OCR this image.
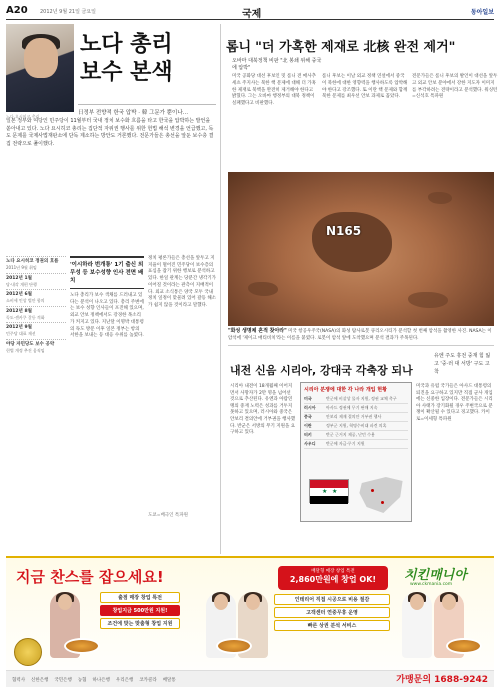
A20 2012년 9월 21일 금요일	국제	동아일보
노다 요시히코 총리
노다 총리
보수 본색
日정부 전향적 한국 압박 · 韓 그문가 뿐이나…
일본 정부와 여당인 민주당이 11월부터 국내 정치 보수화 흐름을 타고 한국을 압박하는 발언을 쏟아내고 있다. 노다 요시히코 총리는 집단적 자위권 행사를 위한 헌법 해석 변경을 언급했고, 독도 문제를 국제사법재판소에 단독 제소하는 방안도 거론했다. 전문가들은 총선을 앞둔 보수층 결집 전략으로 풀이했다.
노다 요시히코 정권의 흐름
2011년 9월 취임
2012년 1월
당·내각 개편 단행
2012년 6월
소비세 인상 법안 합의
2012년 8월
독도·센카쿠 갈등 격화
2012년 9월
민주당 대표 재선
야당 자민당도 보수 공약
헌법 개정 추진 움직임
'이시하라 번개통' 1기 출신 외무성 등 보수성향 인사 전면 배치
노다 총리가 보수 색채를 드러내고 있다는 분석이 나오고 있다. 총리 주변에는 보수 성향 인사들이 포진해 있으며, 외교 안보 정책에서도 강경한 목소리가 커지고 있다. 지난달 이명박 대통령의 독도 방문 이후 일본 정부는 항의 서한을 보내는 등 대응 수위를 높였다.
정치 평론가들은 총선을 앞두고 지지율이 떨어진 민주당이 보수층의 표심을 잡기 위한 행보로 분석하고 있다. 한일 관계는 당분간 냉각기가 이어질 것이라는 관측이 지배적이다. 외교 소식통은 양국 모두 국내 정치 일정이 맞물려 있어 갈등 해소가 쉽지 않을 것이라고 말했다.
도쿄=배극인 특파원
롬니 "더 가혹한 제재로 北核 완전 제거"
오바마 대북정책 비판 "北 봉쇄 위해 중국에 압박"
미국 공화당 대선 후보인 밋 롬니 전 매사추세츠 주지사는 북한 핵 문제에 대해 더 가혹한 제재로 북핵을 완전히 제거해야 한다고 밝혔다. 그는 오바마 행정부의 대북 정책이 실패했다고 비판했다.
롬니 후보는 이날 외교 정책 연설에서 중국이 북한에 대한 영향력을 행사하도록 압박해야 한다고 강조했다. 또 이란 핵 문제와 함께 북한 문제를 최우선 안보 과제로 꼽았다.
전문가들은 롬니 후보의 발언이 대선을 앞두고 외교 안보 분야에서 강한 지도자 이미지를 부각하려는 전략이라고 분석했다. 워싱턴=신석호 특파원
N165
"화성 생명체 흔적 찾아라" 미국 항공우주국(NASA)의 화성 탐사로봇 큐리오시티가 분석할 첫 번째 암석을 촬영한 사진. NASA는 이 암석에 '제이크 매티비치'라는 이름을 붙였다. 로봇이 암석 앞에 도착했으며 분석 결과가 주목된다.
내전 신음 시리아, 강대국 각축장 되나
유엔 주도 휴전 중재 힘 잃고 '중·러 대 서방' 구도 고착
시리아 내전이 18개월째 이어지면서 사망자가 2만 명을 넘어선 것으로 추산된다. 유엔과 아랍연맹의 중재 노력은 성과를 거두지 못하고 있으며, 러시아와 중국은 안보리 결의안에 거부권을 행사했다. 반군은 서방의 무기 지원을 요구하고 있다.
시리아 분쟁에 대한 각 나라 개입 현황
미국	반군에 비살상 물자 지원, 정권 교체 촉구
러시아	아사드 정권에 무기 판매 지속
중국	안보리 제재 결의안 거부권 행사
이란	정부군 지원, 혁명수비대 파견 의혹
터키	반군 근거지 제공, 난민 수용
사우디	반군에 자금·무기 지원
★ ★
미국과 유럽 국가들은 아사드 대통령의 퇴진을 요구하고 있지만 직접 군사 개입에는 신중한 입장이다. 전문가들은 시리아 사태가 장기화될 경우 주변국으로 분쟁이 확산될 수 있다고 경고했다. 카이로=이세형 특파원
지금 찬스를 잡으세요!	배달형 매장 창업 특전
2,860만원에 창업 OK!	치킨매니아
www.ckmania.com
출점 매장 창업 특전
창업지금 500만원 지원!
조건에 맞는 맞춤형 창업 지원
인테리어 직접 시공으로 비용 절감
고객센터 연중무휴 운영
빠른 상권 분석 서비스
협력사 신한은행 국민은행 농협 하나은행 우리은행 코카콜라 배달통	가맹문의 1688-9242
